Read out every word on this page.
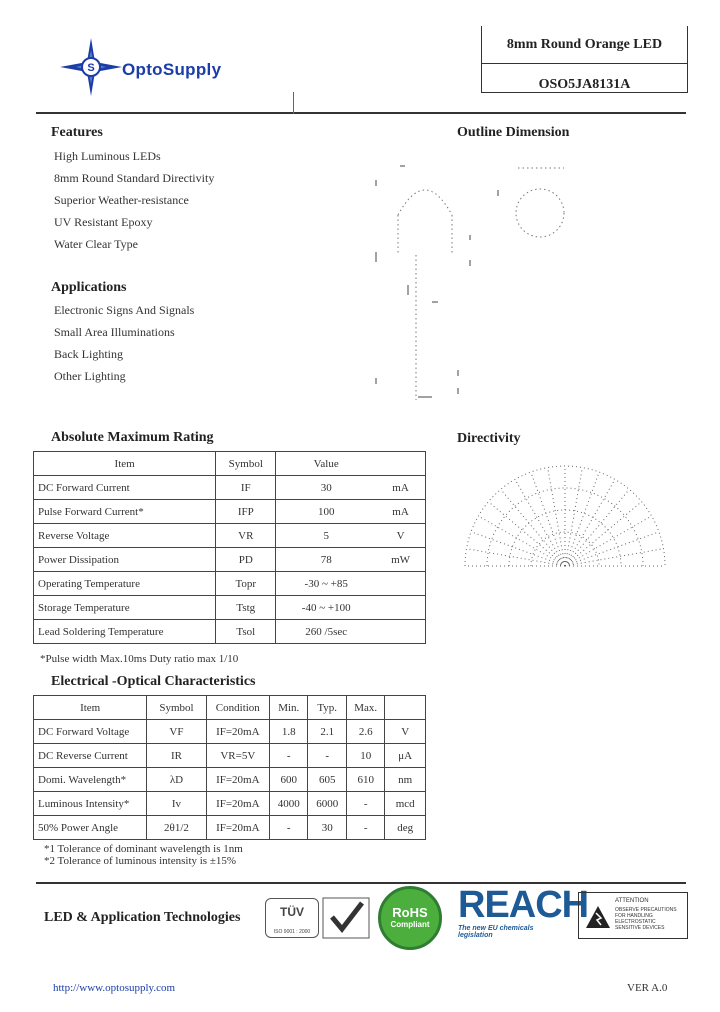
S OptoSupply
8mm Round Orange LED
OSO5JA8131A
Features
High Luminous LEDs
8mm Round Standard Directivity
Superior Weather-resistance
UV Resistant Epoxy
Water Clear Type
Applications
Electronic Signs And Signals
Small Area Illuminations
Back Lighting
Other Lighting
Outline Dimension
Absolute Maximum Rating
Item	Symbol	Value	
DC Forward Current	IF	30	mA
Pulse Forward Current*	IFP	100	mA
Reverse Voltage	VR	5	V
Power Dissipation	PD	78	mW
Operating Temperature	Topr	-30 ~ +85	
Storage Temperature	Tstg	-40 ~ +100	
Lead Soldering Temperature	Tsol	260 /5sec	
*Pulse width Max.10ms Duty ratio max 1/10
Directivity
Electrical -Optical Characteristics
Item	Symbol	Condition	Min.	Typ.	Max.	
DC Forward Voltage	VF	IF=20mA	1.8	2.1	2.6	V
DC Reverse Current	IR	VR=5V	-	-	10	μA
Domi. Wavelength*	λD	IF=20mA	600	605	610	nm
Luminous Intensity*	Iv	IF=20mA	4000	6000	-	mcd
50% Power Angle	2θ1/2	IF=20mA	-	30	-	deg
*1 Tolerance of dominant wavelength is 1nm
*2 Tolerance of luminous intensity is ±15%
LED & Application Technologies	TÜV
ISO 9001 : 2000
RoHS
Compliant REACH
The new EU chemicals legislation
ATTENTION
OBSERVE PRECAUTIONS FOR HANDLING ELECTROSTATIC SENSITIVE DEVICES
http://www.optosupply.com	VER A.0
